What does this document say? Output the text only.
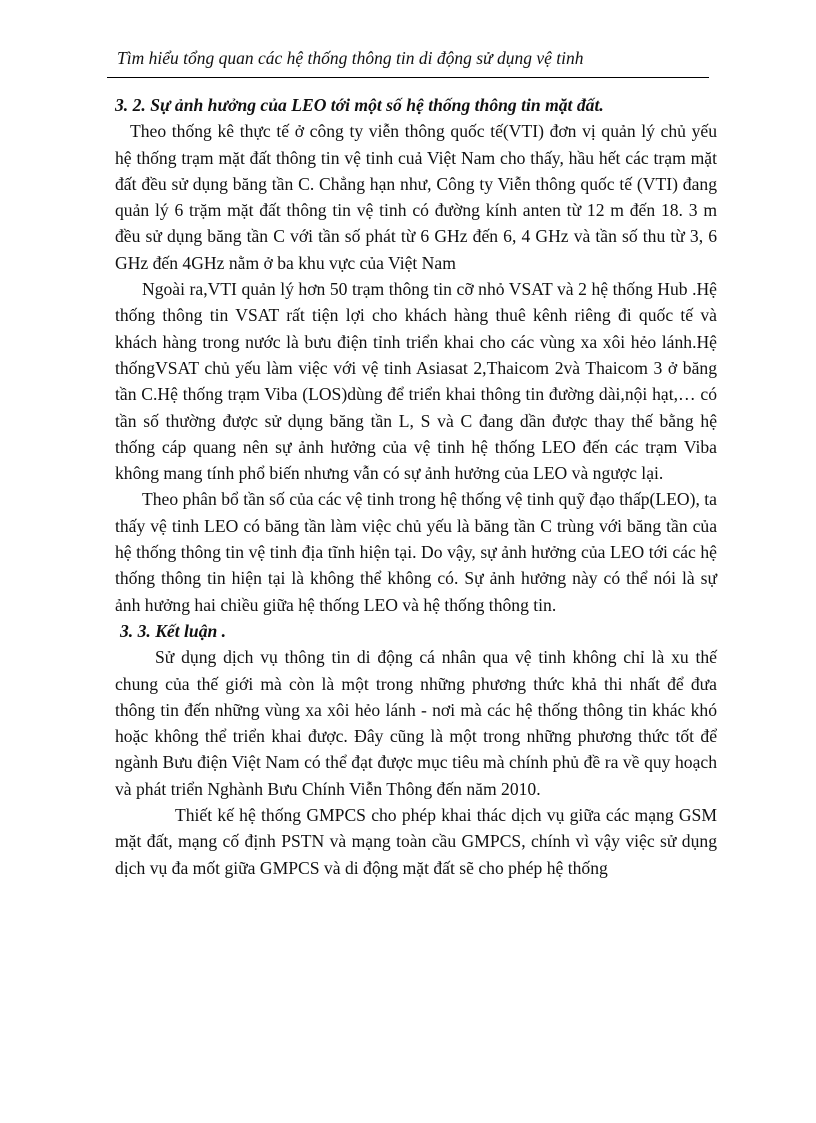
Tìm hiểu tổng quan các hệ thống thông tin di động sử dụng vệ tinh

3. 2. Sự ảnh hưởng của LEO tới một số hệ thống thông tin mặt đất.

Theo thống kê thực tế ở công ty viễn thông quốc tế(VTI) đơn vị quản lý chủ yếu hệ thống trạm mặt đất thông tin vệ tinh cuả Việt Nam cho thấy, hầu hết các trạm mặt đất đều sử dụng băng tần C. Chẳng hạn như, Công ty Viễn thông quốc tế (VTI) đang quản lý 6 trặm mặt đất thông tin vệ tinh có đường kính anten từ 12 m đến 18. 3 m đều sử dụng băng tần C với tần số phát từ 6 GHz đến 6, 4 GHz và tần số thu từ 3, 6 GHz đến 4GHz nằm ở ba khu vực của Việt Nam

Ngoài ra,VTI quản lý hơn 50 trạm thông tin cỡ nhỏ VSAT và 2 hệ thống Hub .Hệ thống thông tin VSAT rất tiện lợi cho khách hàng thuê kênh riêng đi quốc tế và khách hàng trong nước là bưu điện tỉnh triển khai cho các vùng xa xôi hẻo lánh.Hệ thốngVSAT chủ yếu làm việc với vệ tinh Asiasat 2,Thaicom 2và Thaicom 3 ở băng tần C.Hệ thống trạm Viba (LOS)dùng để triển khai thông tin đường dài,nội hạt,… có tần số thường được sử dụng băng tần L, S và C đang dần được thay thế bằng hệ thống cáp quang nên sự ảnh hưởng của vệ tinh hệ thống LEO đến các trạm Viba không mang tính phổ biến nhưng vẫn có sự ảnh hưởng của LEO và ngược lại.

Theo phân bổ tần số của các vệ tinh trong hệ thống vệ tinh quỹ đạo thấp(LEO), ta thấy vệ tinh LEO có băng tần làm việc chủ yếu là băng tần C trùng với băng tần của hệ thống thông tin vệ tinh địa tĩnh hiện tại. Do vậy, sự ảnh hưởng của LEO tới các hệ thống thông tin hiện tại là không thể không có. Sự ảnh hưởng này có thể nói là sự ảnh hưởng hai chiều giữa hệ thống LEO và hệ thống thông tin.

3. 3. Kết luận .

Sử dụng dịch vụ thông tin di động cá nhân qua vệ tinh không chỉ là xu thế chung của thế giới mà còn là một trong những phương thức khả thi nhất để đưa thông tin đến những vùng xa xôi hẻo lánh - nơi mà các hệ thống thông tin khác khó hoặc không thể triển khai được. Đây cũng là một trong những phương thức tốt để ngành Bưu điện Việt Nam có thể đạt được mục tiêu mà chính phủ đề ra về quy hoạch và phát triển Nghành Bưu Chính Viễn Thông đến năm 2010.

Thiết kế hệ thống GMPCS cho phép khai thác dịch vụ giữa các mạng GSM mặt đất, mạng cố định PSTN và mạng toàn cầu GMPCS, chính vì vậy việc sử dụng dịch vụ đa mốt giữa GMPCS và di động mặt đất sẽ cho phép hệ thống
